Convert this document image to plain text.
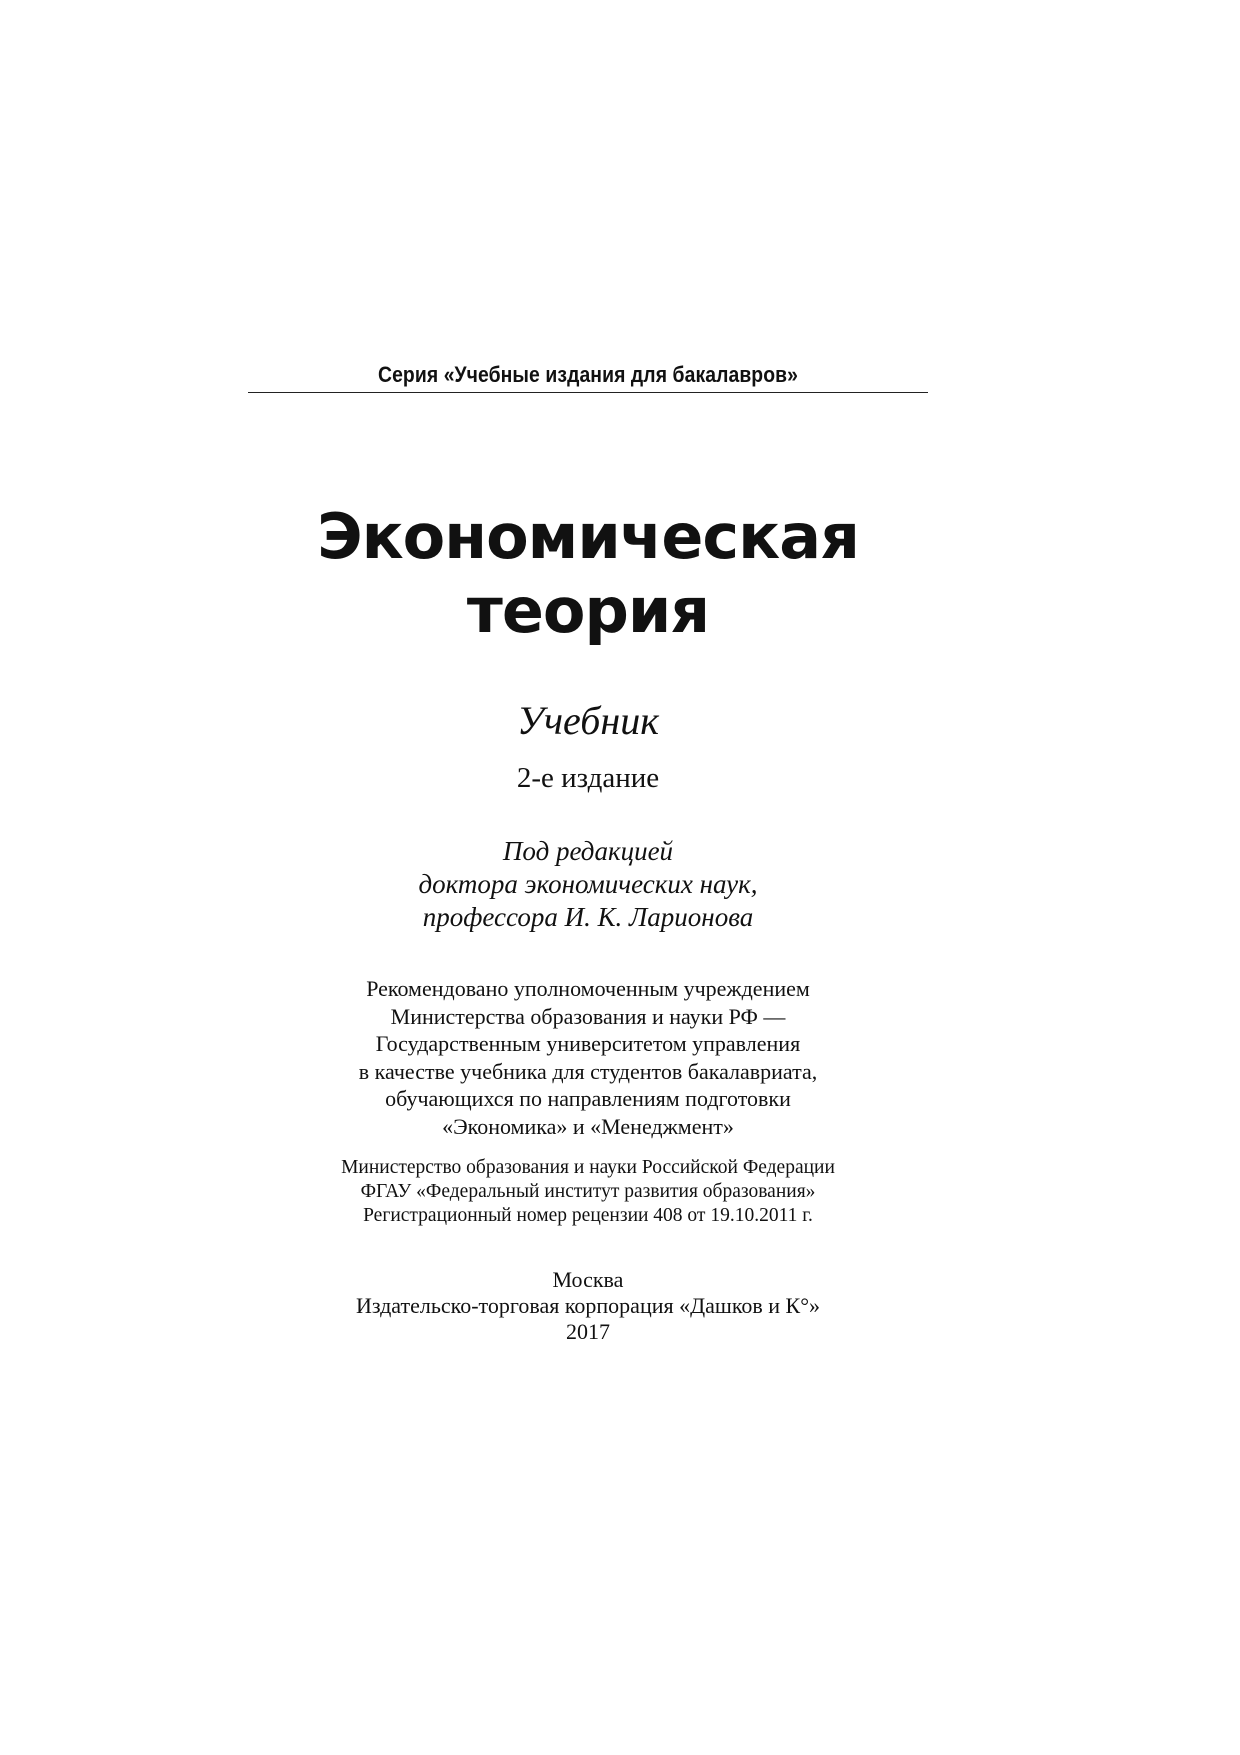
Серия «Учебные издания для бакалавров»
Экономическая
теория
Учебник
2-е издание
Под редакцией
доктора экономических наук,
профессора И. К. Ларионова
Рекомендовано уполномоченным учреждением
Министерства образования и науки РФ —
Государственным университетом управления
в качестве учебника для студентов бакалавриата,
обучающихся по направлениям подготовки
«Экономика» и «Менеджмент»
Министерство образования и науки Российской Федерации
ФГАУ «Федеральный институт развития образования»
Регистрационный номер рецензии 408 от 19.10.2011 г.
Москва
Издательско-торговая корпорация «Дашков и К°»
2017
